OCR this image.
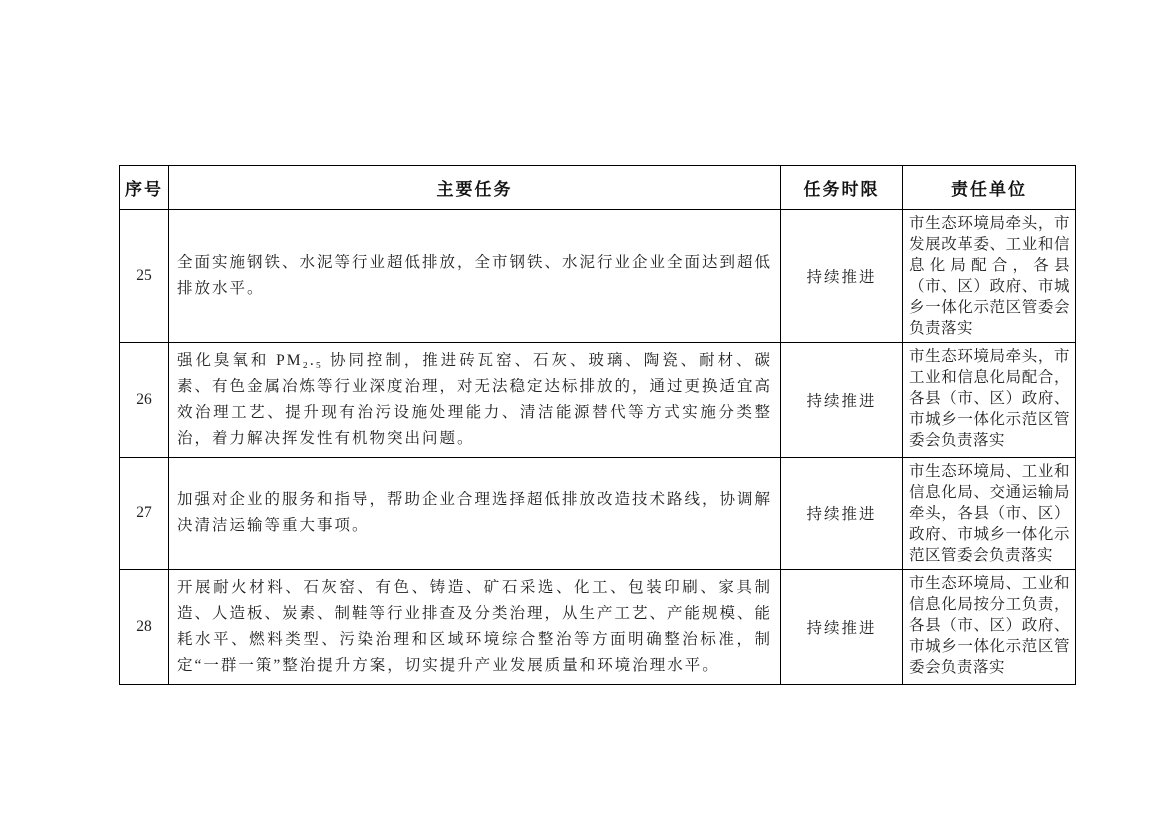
序号	主要任务	任务时限	责任单位
25	全面实施钢铁、水泥等行业超低排放，全市钢铁、水泥行业企业全面达到超低排放水平。	持续推进	市生态环境局牵头，市发展改革委、工业和信息化局配合，各县（市、区）政府、市城乡一体化示范区管委会负责落实
26	强化臭氧和 PM₂.₅ 协同控制，推进砖瓦窑、石灰、玻璃、陶瓷、耐材、碳素、有色金属冶炼等行业深度治理，对无法稳定达标排放的，通过更换适宜高效治理工艺、提升现有治污设施处理能力、清洁能源替代等方式实施分类整治，着力解决挥发性有机物突出问题。	持续推进	市生态环境局牵头，市工业和信息化局配合，各县（市、区）政府、市城乡一体化示范区管委会负责落实
27	加强对企业的服务和指导，帮助企业合理选择超低排放改造技术路线，协调解决清洁运输等重大事项。	持续推进	市生态环境局、工业和信息化局、交通运输局牵头，各县（市、区）政府、市城乡一体化示范区管委会负责落实
28	开展耐火材料、石灰窑、有色、铸造、矿石采选、化工、包装印刷、家具制造、人造板、炭素、制鞋等行业排查及分类治理，从生产工艺、产能规模、能耗水平、燃料类型、污染治理和区域环境综合整治等方面明确整治标准，制定“一群一策”整治提升方案，切实提升产业发展质量和环境治理水平。	持续推进	市生态环境局、工业和信息化局按分工负责，各县（市、区）政府、市城乡一体化示范区管委会负责落实
